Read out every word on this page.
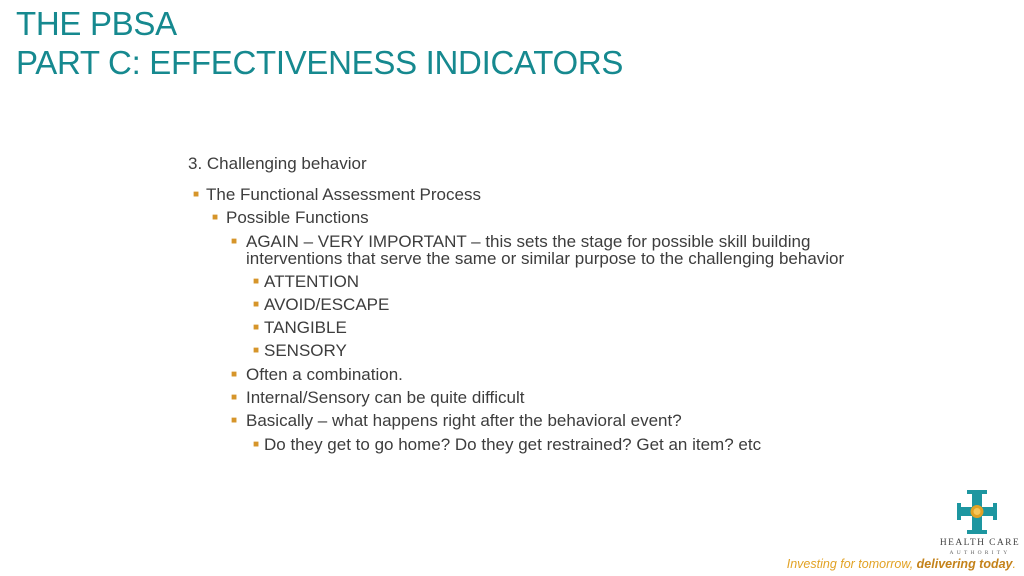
THE PBSA
PART C: EFFECTIVENESS INDICATORS
3. Challenging behavior
■ The Functional Assessment Process
■ Possible Functions
■ AGAIN – VERY IMPORTANT – this sets the stage for possible skill building interventions that serve the same or similar purpose to the challenging behavior
■ ATTENTION
■ AVOID/ESCAPE
■ TANGIBLE
■ SENSORY
■ Often a combination.
■ Internal/Sensory can be quite difficult
■ Basically – what happens right after the behavioral event?
■ Do they get to go home? Do they get restrained? Get an item? etc
HEALTH CARE
AUTHORITY
Investing for tomorrow, delivering today.
